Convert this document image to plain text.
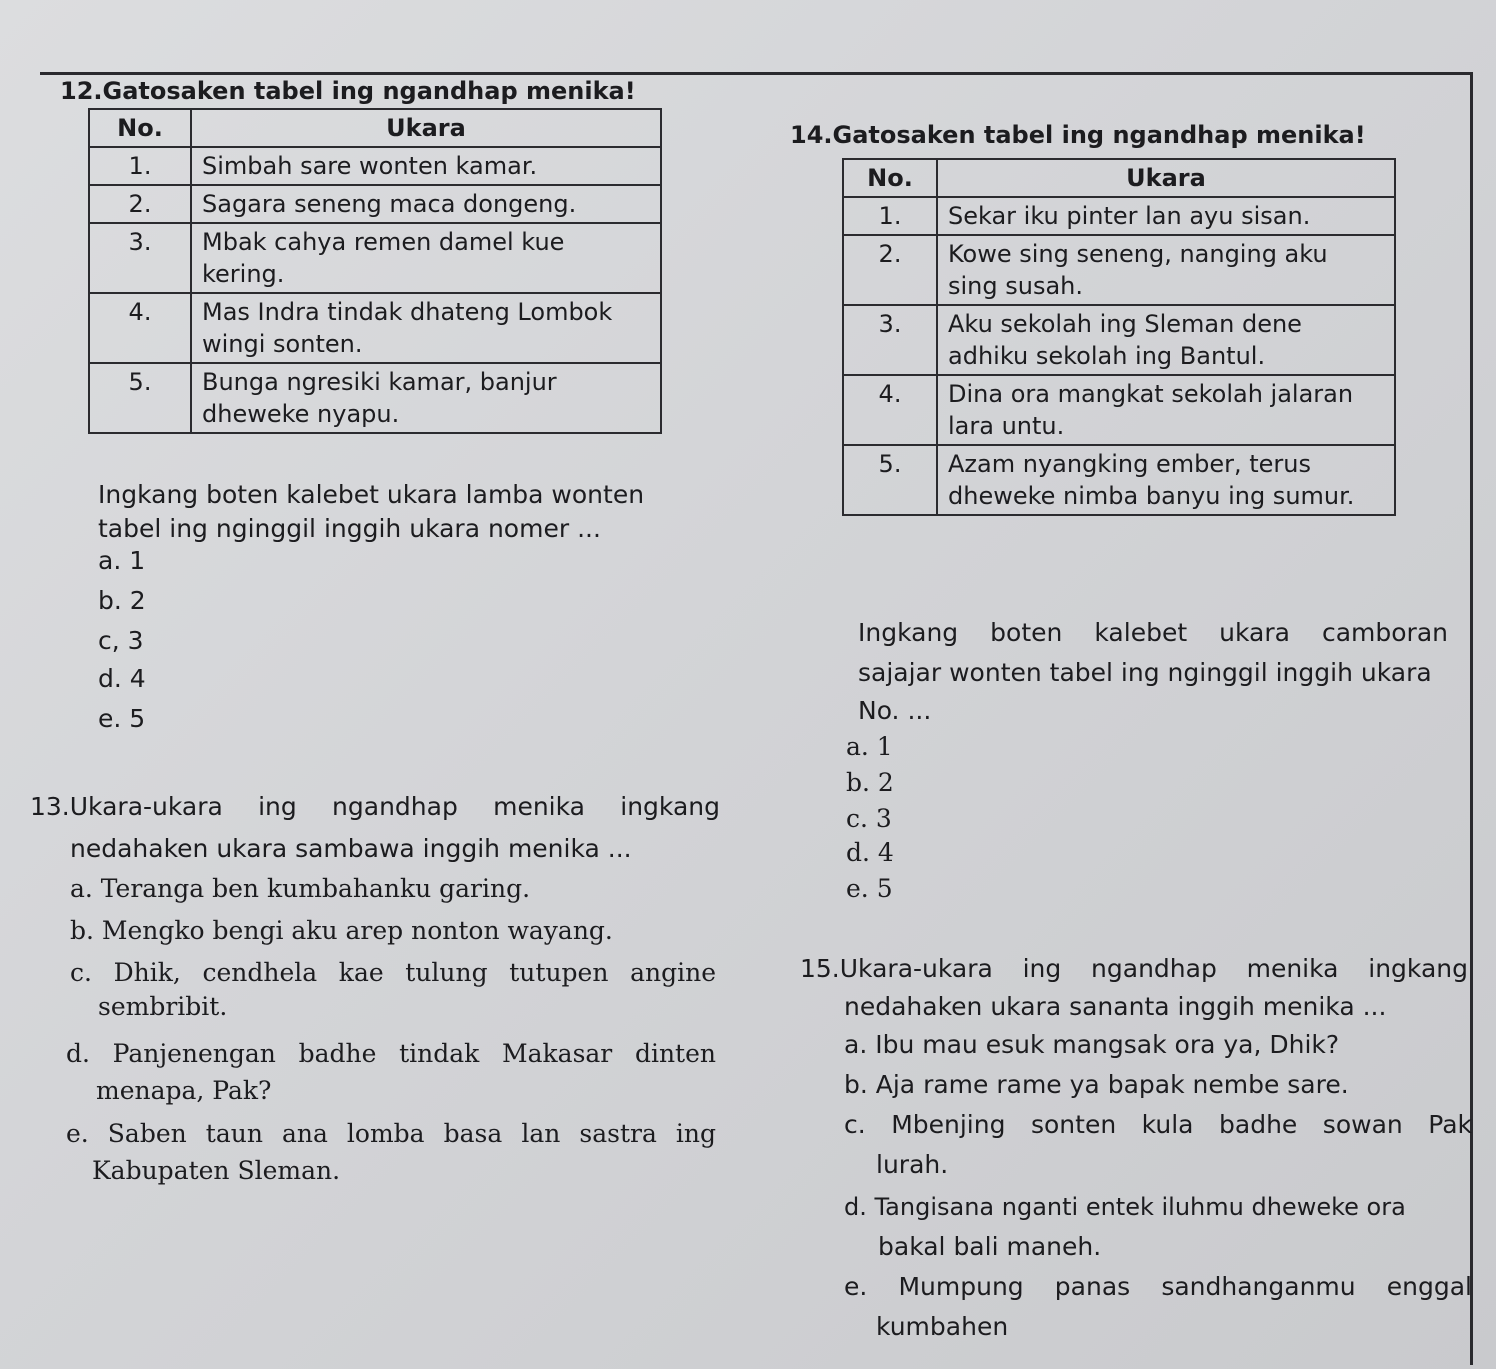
12.Gatosaken tabel ing ngandhap menika!
No.	Ukara
1.	Simbah sare wonten kamar.
2.	Sagara seneng maca dongeng.
3.	Mbak cahya remen damel kue kering.
4.	Mas Indra tindak dhateng Lombok wingi sonten.
5.	Bunga ngresiki kamar, banjur dheweke nyapu.
Ingkang boten kalebet ukara lamba wonten
tabel ing nginggil inggih ukara nomer ...
a. 1
b. 2
c, 3
d. 4
e. 5
13.Ukara-ukara ing ngandhap menika ingkang
nedahaken ukara sambawa inggih menika ...
a. Teranga ben kumbahanku garing.
b. Mengko bengi aku arep nonton wayang.
c. Dhik, cendhela kae tulung tutupen angine
sembribit.
d. Panjenengan badhe tindak Makasar dinten
menapa, Pak?
e. Saben taun ana lomba basa lan sastra ing
Kabupaten Sleman.
14.Gatosaken tabel ing ngandhap menika!
No.	Ukara
1.	Sekar iku pinter lan ayu sisan.
2.	Kowe sing seneng, nanging aku sing susah.
3.	Aku sekolah ing Sleman dene adhiku sekolah ing Bantul.
4.	Dina ora mangkat sekolah jalaran lara untu.
5.	Azam nyangking ember, terus dheweke nimba banyu ing sumur.
Ingkang boten kalebet ukara camboran
sajajar wonten tabel ing nginggil inggih ukara
No. ...
a. 1
b. 2
c. 3
d. 4
e. 5
15.Ukara-ukara ing ngandhap menika ingkang
nedahaken ukara sananta inggih menika ...
a. Ibu mau esuk mangsak ora ya, Dhik?
b. Aja rame rame ya bapak nembe sare.
c. Mbenjing sonten kula badhe sowan Pak
lurah.
d. Tangisana nganti entek iluhmu dheweke ora
bakal bali maneh.
e. Mumpung panas sandhanganmu enggal
kumbahen
